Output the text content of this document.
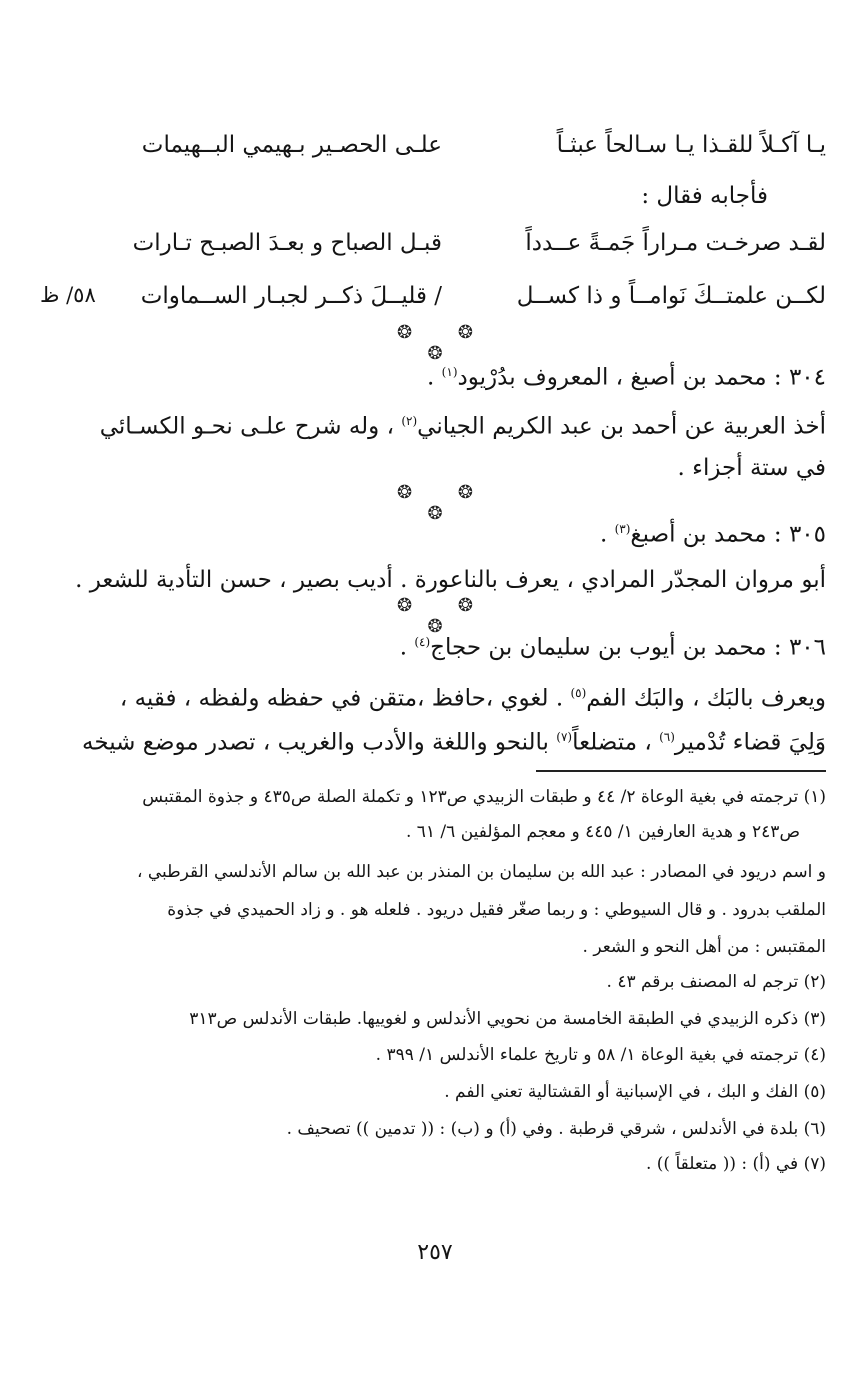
يـا آكـلاً للقـذا يـا سـالحاً عبثـاً
علـى الحصـير بـهيمي البــهيمات
فأجابه فقال :
لقـد صرخـت مـراراً جَمـةً عــدداً
قبـل الصباح و بعـدَ الصبـح تـارات
لكــن علمتــكَ نَوامــاً و ذا كســل
/ قليــلَ ذكــر لجبـار الســماوات
٥٨/ ظ
❂ ❂ ❂
٣٠٤ : محمد بن أصبغ ، المعروف بدُرْيود$^{(١)}$ .
أخذ العربية عن أحمد بن عبد الكريم الجياني$^{(٢)}$ ، وله شرح علـى نحـو الكسـائي
في ستة أجزاء .
❂ ❂ ❂
٣٠٥ : محمد بن أصبغ$^{(٣)}$ .
أبو مروان المجدّر المرادي ، يعرف بالناعورة . أديب بصير ، حسن التأدية للشعر .
❂ ❂ ❂
٣٠٦ : محمد بن أيوب بن سليمان بن حجاج$^{(٤)}$ .
ويعرف بالبَك ، والبَك الفم$^{(٥)}$ . لغوي ،حافظ ،متقن في حفظه ولفظه ، فقيه ،
وَلِيَ قضاء تُدْمير$^{(٦)}$ ، متضلعاً$^{(٧)}$ بالنحو واللغة والأدب والغريب ، تصدر موضع شيخه
(١) ترجمته في بغية الوعاة ٢/ ٤٤ و طبقات الزبيدي ص١٢٣ و تكملة الصلة ص٤٣٥ و جذوة المقتبس
ص٢٤٣ و هدية العارفين ١/ ٤٤٥ و معجم المؤلفين ٦/ ٦١ .
و اسم دريود في المصادر : عبد الله بن سليمان بن المنذر بن عبد الله بن سالم الأندلسي القرطبي ،
الملقب بدرود . و قال السيوطي : و ربما صغّر فقيل دريود . فلعله هو . و زاد الحميدي في جذوة
المقتبس : من أهل النحو و الشعر .
(٢) ترجم له المصنف برقم ٤٣ .
(٣) ذكره الزبيدي في الطبقة الخامسة من نحويي الأندلس و لغوييها. طبقات الأندلس ص٣١٣
(٤) ترجمته في بغية الوعاة ١/ ٥٨ و تاريخ علماء الأندلس ١/ ٣٩٩ .
(٥) الفك و البك ، في الإسبانية أو القشتالية تعني الفم .
(٦) بلدة في الأندلس ، شرقي قرطبة . وفي (أ) و (ب) : (( تدمين )) تصحيف .
(٧) في (أ) : (( متعلقاً )) .
٢٥٧
